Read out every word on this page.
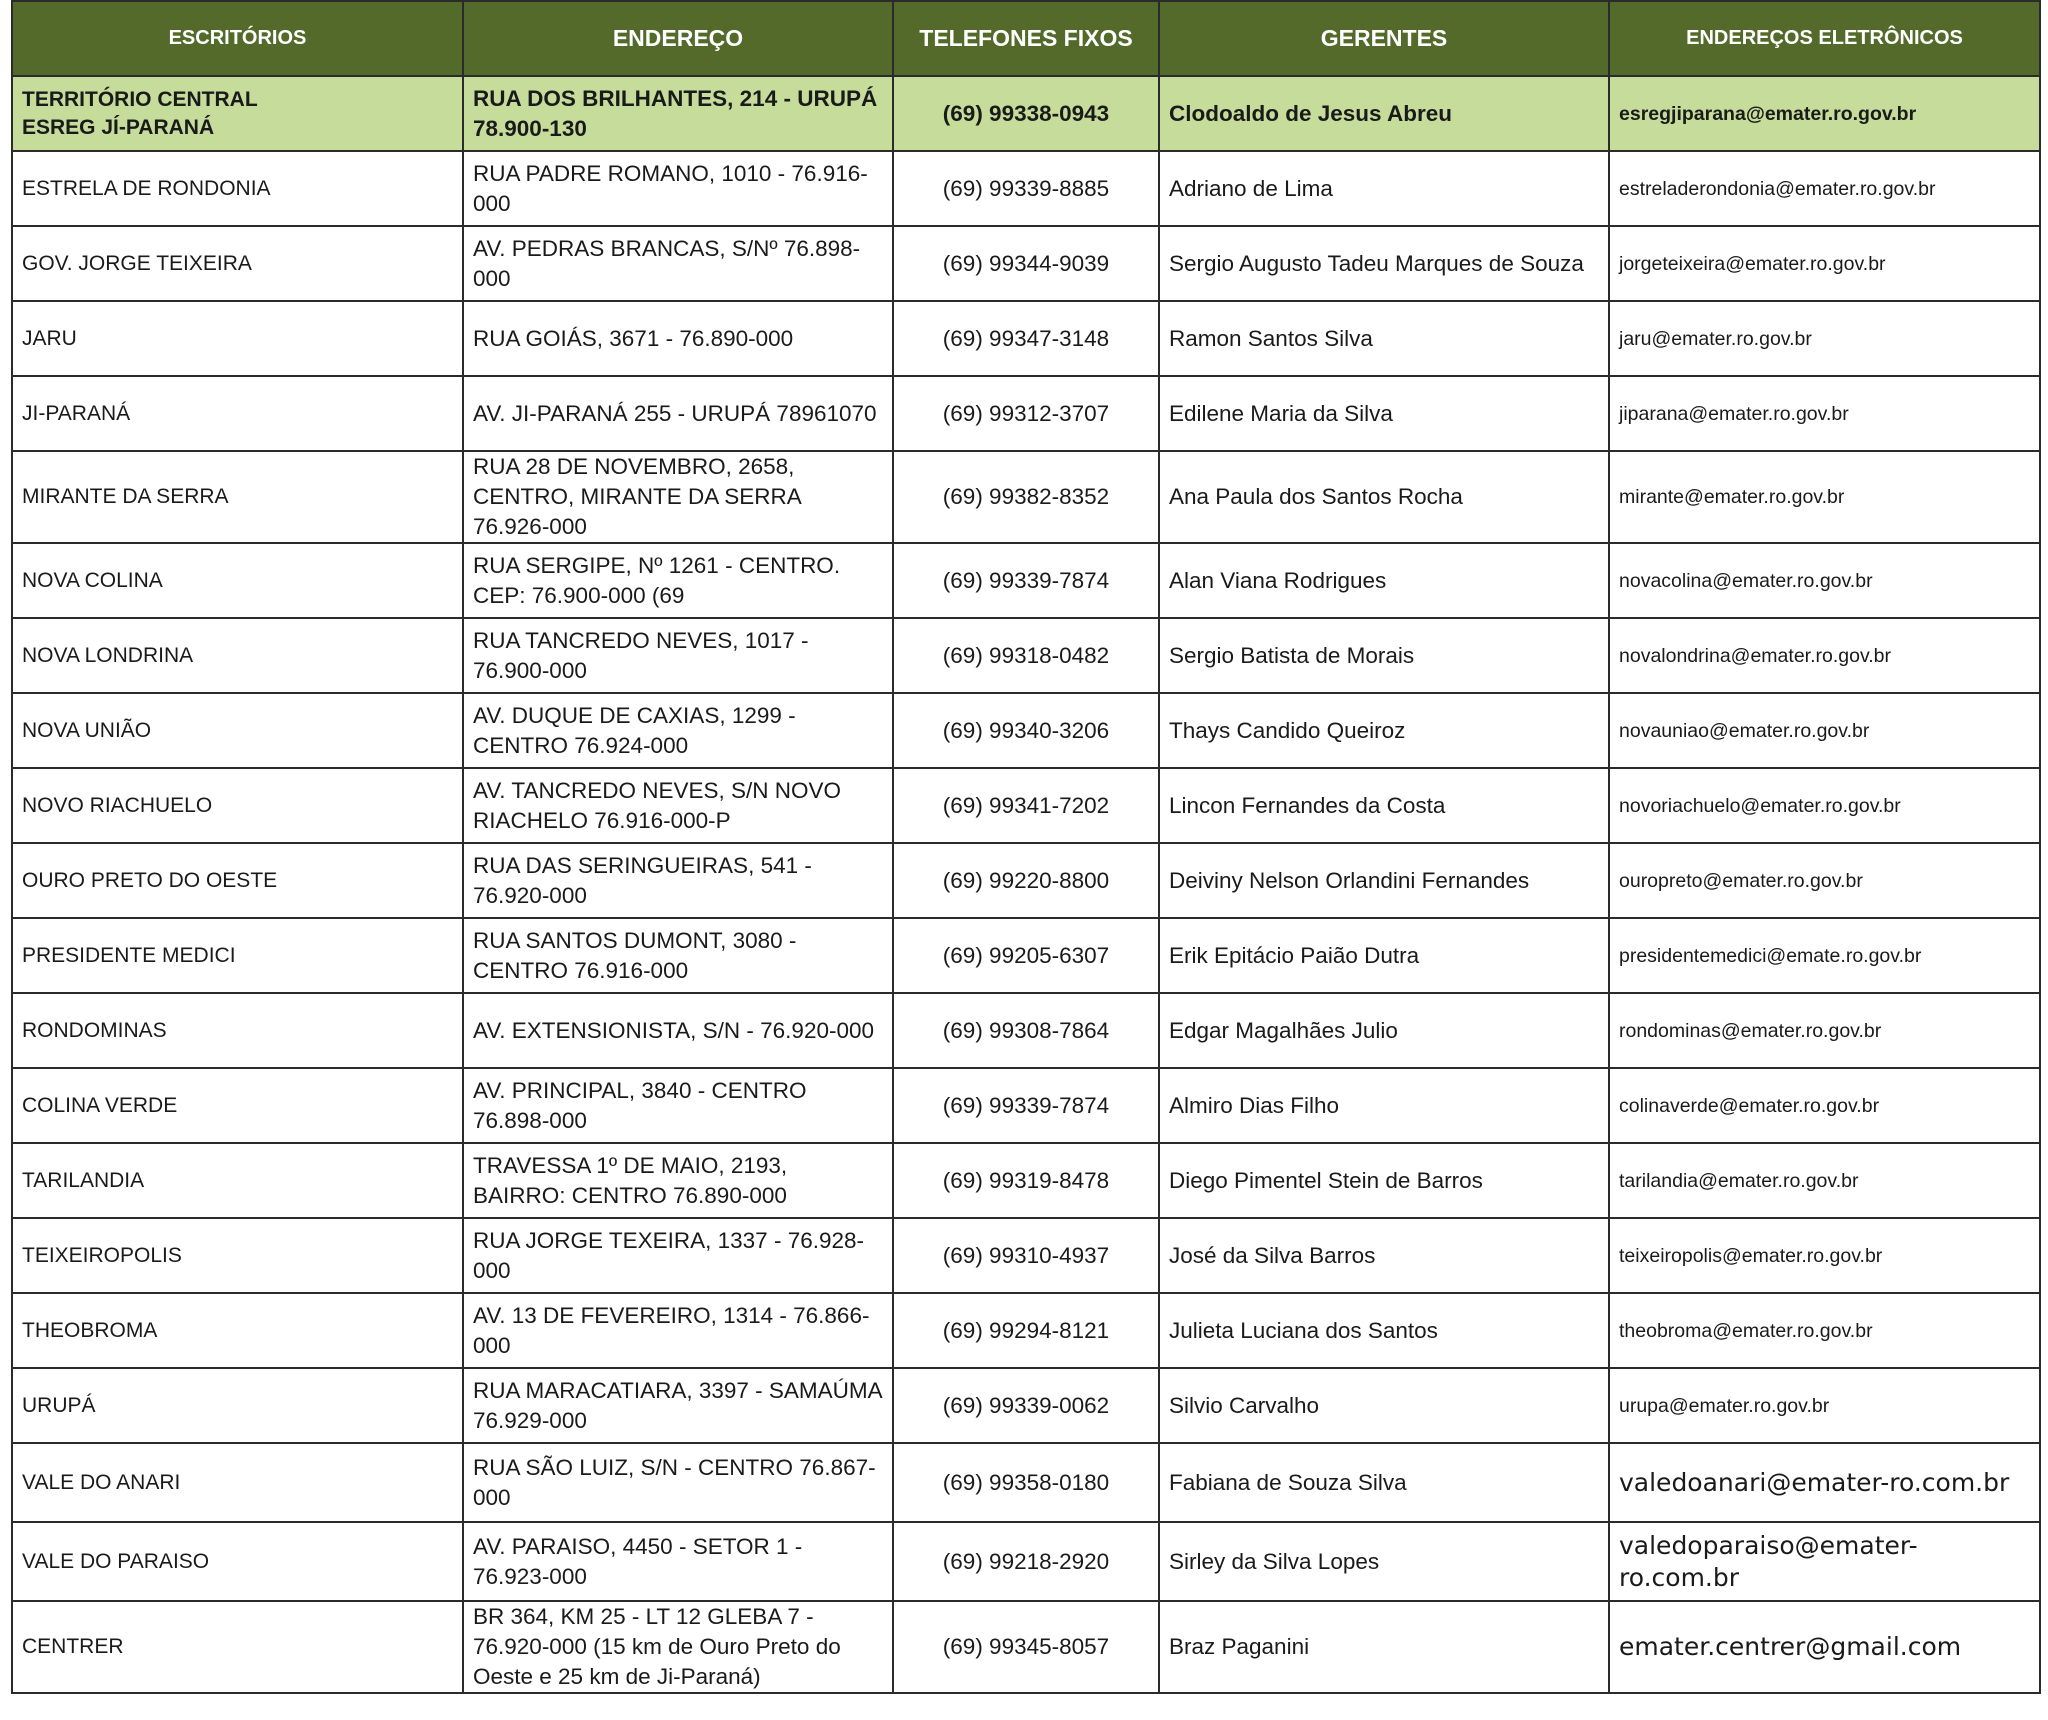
ESCRITÓRIOS	ENDEREÇO	TELEFONES FIXOS	GERENTES	ENDEREÇOS ELETRÔNICOS

TERRITÓRIO CENTRAL
ESREG JÍ-PARANÁ	RUA DOS BRILHANTES, 214 - URUPÁ 78.900-130	(69) 99338-0943	Clodoaldo de Jesus Abreu	esregjiparana@emater.ro.gov.br
ESTRELA DE RONDONIA	RUA PADRE ROMANO, 1010 - 76.916-000	(69) 99339-8885	Adriano de Lima	estreladerondonia@emater.ro.gov.br
GOV. JORGE TEIXEIRA	AV. PEDRAS BRANCAS, S/Nº 76.898-000	(69) 99344-9039	Sergio Augusto Tadeu Marques de Souza	jorgeteixeira@emater.ro.gov.br
JARU	RUA GOIÁS, 3671 - 76.890-000	(69) 99347-3148	Ramon Santos Silva	jaru@emater.ro.gov.br
JI-PARANÁ	AV. JI-PARANÁ 255 - URUPÁ 78961070	(69) 99312-3707	Edilene Maria da Silva	jiparana@emater.ro.gov.br
MIRANTE DA SERRA	RUA 28 DE NOVEMBRO, 2658, CENTRO, MIRANTE DA SERRA 76.926-000	(69) 99382-8352	Ana Paula dos Santos Rocha	mirante@emater.ro.gov.br
NOVA COLINA	RUA SERGIPE, Nº 1261 - CENTRO. CEP: 76.900-000 (69	(69) 99339-7874	Alan Viana Rodrigues	novacolina@emater.ro.gov.br
NOVA LONDRINA	RUA TANCREDO NEVES, 1017 - 76.900-000	(69) 99318-0482	Sergio Batista de Morais	novalondrina@emater.ro.gov.br
NOVA UNIÃO	AV. DUQUE DE CAXIAS, 1299 - CENTRO 76.924-000	(69) 99340-3206	Thays Candido Queiroz	novauniao@emater.ro.gov.br
NOVO RIACHUELO	AV. TANCREDO NEVES, S/N NOVO RIACHELO 76.916-000-P	(69) 99341-7202	Lincon Fernandes da Costa	novoriachuelo@emater.ro.gov.br
OURO PRETO DO OESTE	RUA DAS SERINGUEIRAS, 541 - 76.920-000	(69) 99220-8800	Deiviny Nelson Orlandini Fernandes	ouropreto@emater.ro.gov.br
PRESIDENTE MEDICI	RUA SANTOS DUMONT, 3080 - CENTRO 76.916-000	(69) 99205-6307	Erik Epitácio Paião Dutra	presidentemedici@emate.ro.gov.br
RONDOMINAS	AV. EXTENSIONISTA, S/N - 76.920-000	(69) 99308-7864	Edgar Magalhães Julio	rondominas@emater.ro.gov.br
COLINA VERDE	AV. PRINCIPAL, 3840 - CENTRO 76.898-000	(69) 99339-7874	Almiro Dias Filho	colinaverde@emater.ro.gov.br
TARILANDIA	TRAVESSA 1º DE MAIO, 2193, BAIRRO: CENTRO 76.890-000	(69) 99319-8478	Diego Pimentel Stein de Barros	tarilandia@emater.ro.gov.br
TEIXEIROPOLIS	RUA JORGE TEXEIRA, 1337 - 76.928-000	(69) 99310-4937	José da Silva Barros	teixeiropolis@emater.ro.gov.br
THEOBROMA	AV. 13 DE FEVEREIRO, 1314 - 76.866-000	(69) 99294-8121	Julieta Luciana dos Santos	theobroma@emater.ro.gov.br
URUPÁ	RUA MARACATIARA, 3397 - SAMAÚMA 76.929-000	(69) 99339-0062	Silvio Carvalho	urupa@emater.ro.gov.br
VALE DO ANARI	RUA SÃO LUIZ, S/N - CENTRO 76.867-000	(69) 99358-0180	Fabiana de Souza Silva	valedoanari@emater-ro.com.br
VALE DO PARAISO	AV. PARAISO, 4450 - SETOR 1 - 76.923-000	(69) 99218-2920	Sirley da Silva Lopes	valedoparaiso@emater-ro.com.br
CENTRER	BR 364, KM 25 - LT 12 GLEBA 7 - 76.920-000 (15 km de Ouro Preto do Oeste e 25 km de Ji-Paraná)	(69) 99345-8057	Braz Paganini	emater.centrer@gmail.com
